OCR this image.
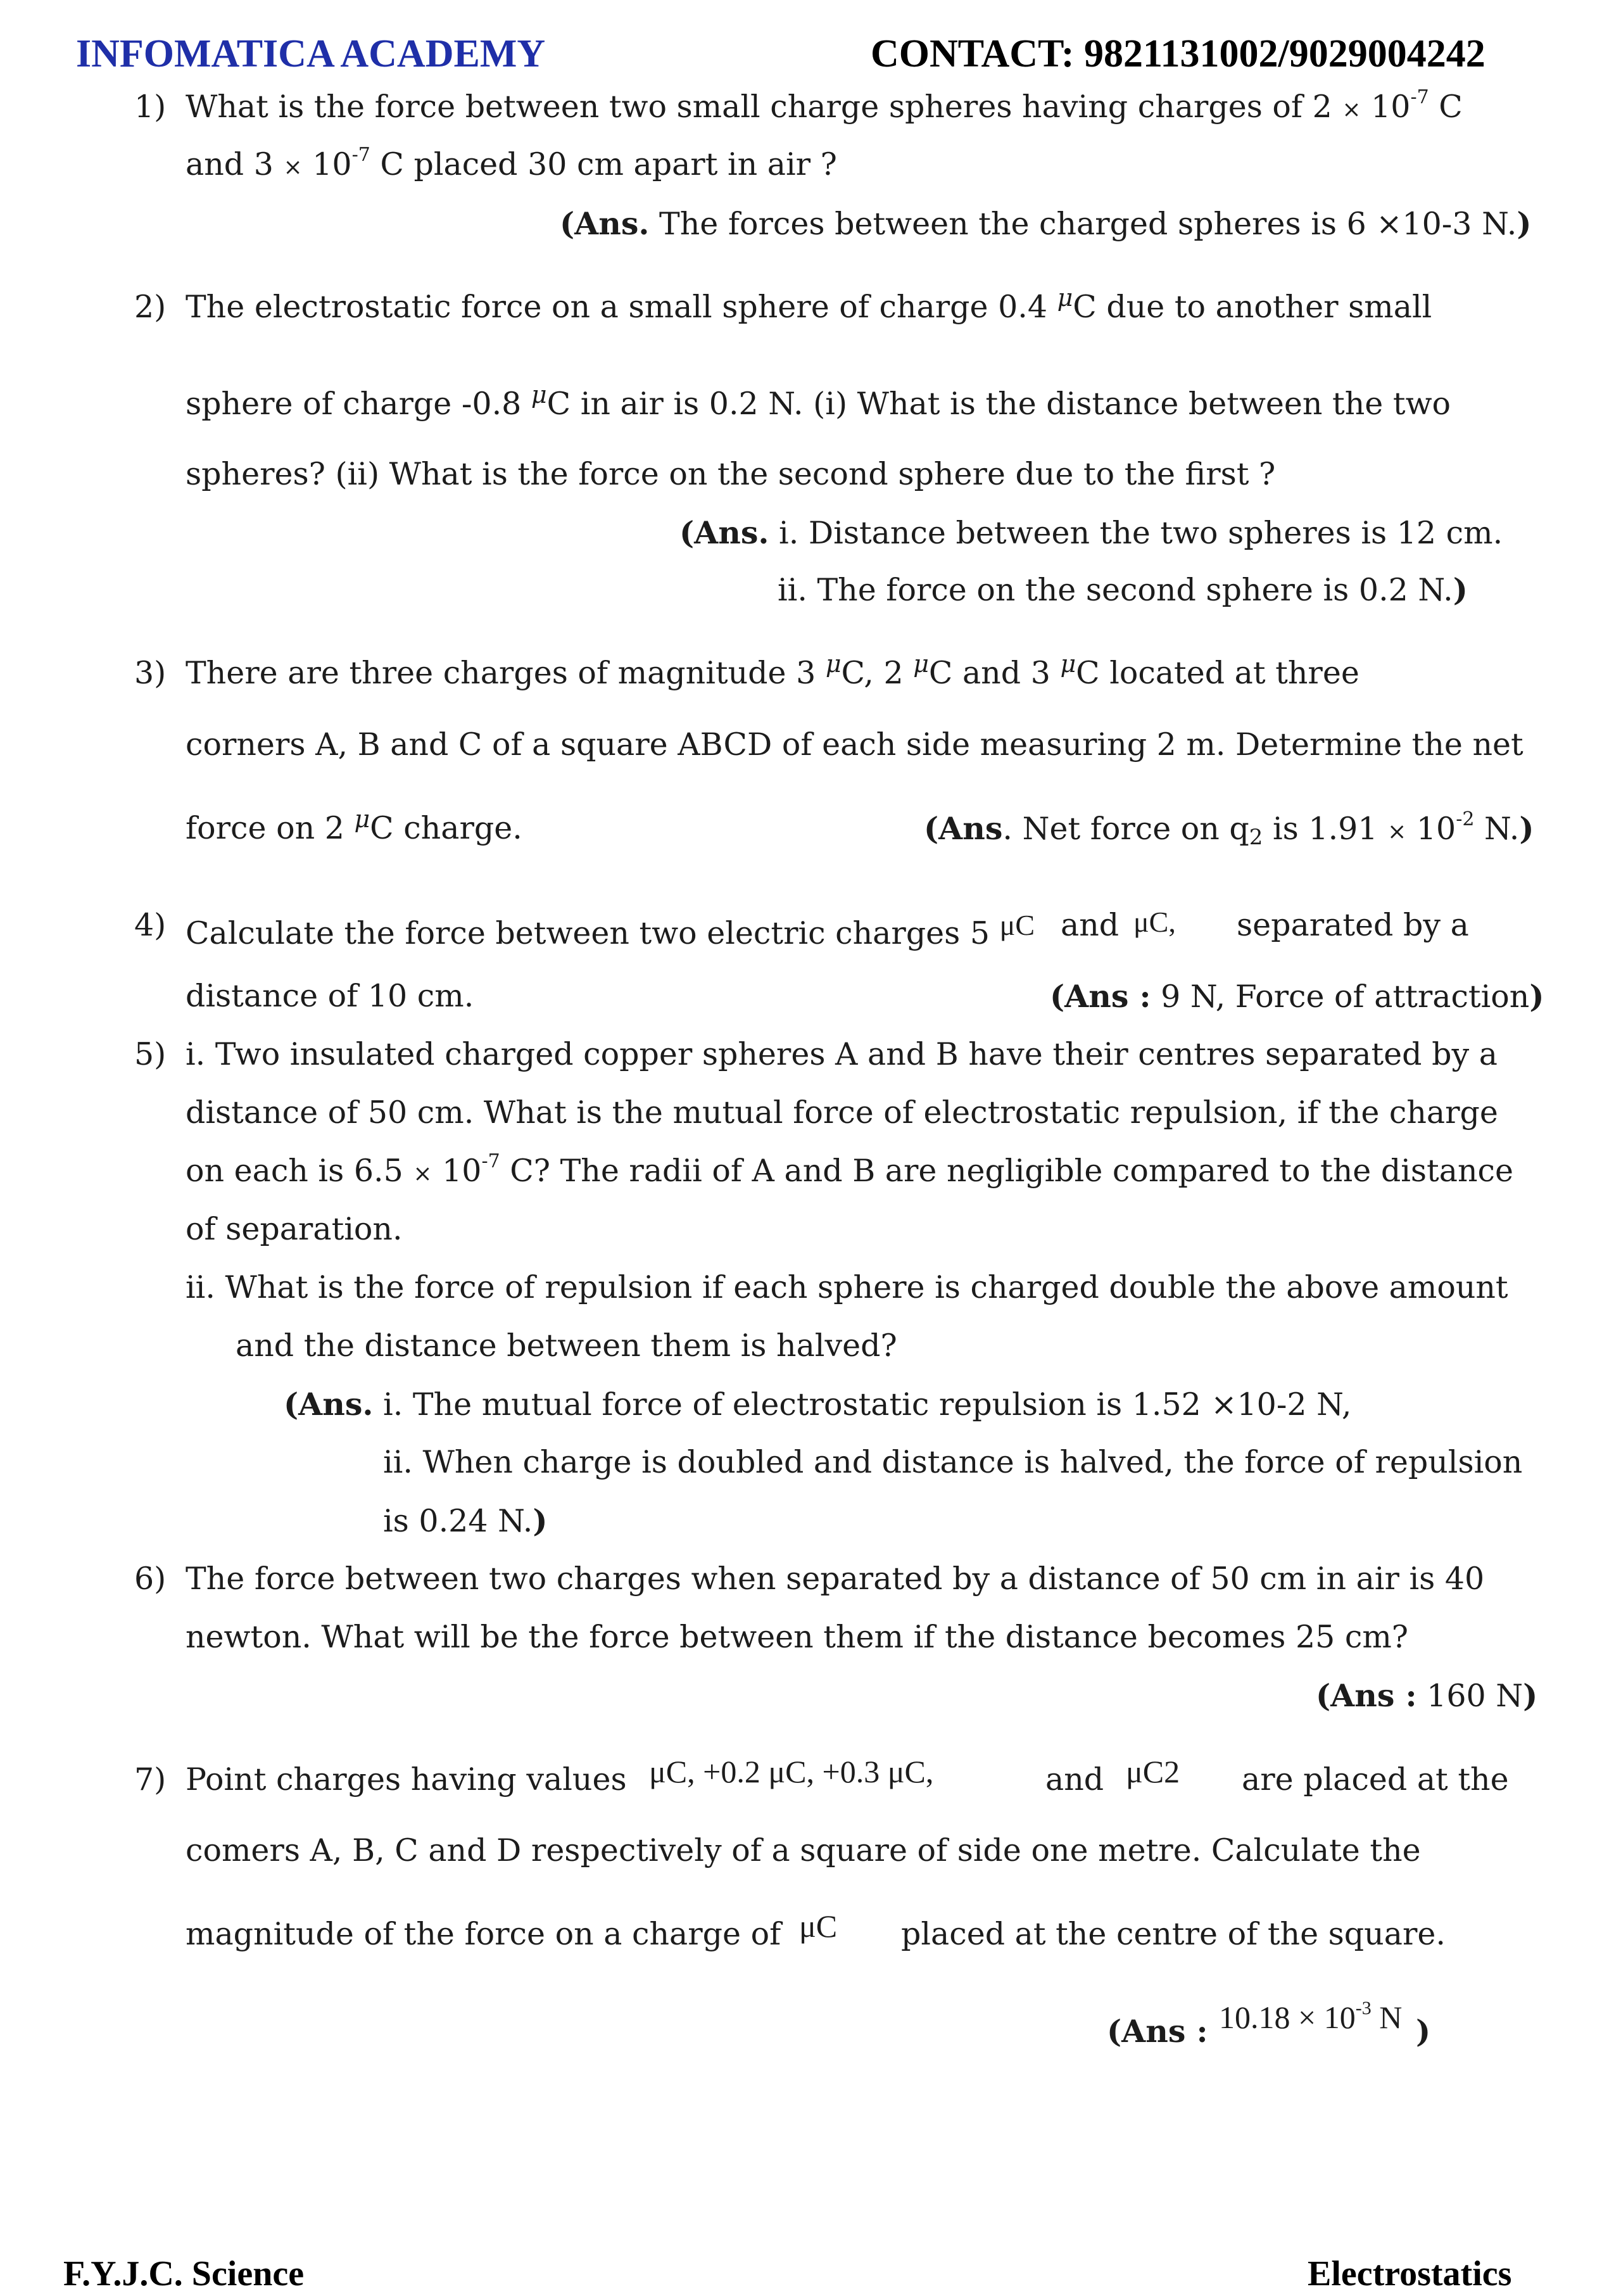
INFOMATICA ACADEMY	CONTACT: 9821131002/9029004242
1) What is the force between two small charge spheres having charges of $2 \times 10^{-7}$ C
and $3 \times 10^{-7}$ C placed 30 cm apart in air ?
(Ans. The forces between the charged spheres is 6 ×10-3 N.)
2) The electrostatic force on a small sphere of charge 0.4 $^\mu$C due to another small
sphere of charge -0.8 $^\mu$C in air is 0.2 N. (i) What is the distance between the two
spheres? (ii) What is the force on the second sphere due to the first ?
(Ans. i. Distance between the two spheres is 12 cm.
ii. The force on the second sphere is 0.2 N.)
3) There are three charges of magnitude 3 $^\mu$C, 2 $^\mu$C and 3 $^\mu$C located at three
corners A, B and C of a square ABCD of each side measuring 2 m. Determine the net
force on 2 $^\mu$C charge.	(Ans. Net force on $q_2$ is $1.91 \times 10^{-2}$ N.)
4) Calculate the force between two electric charges 5 μC and μC, separated by a
distance of 10 cm.	(Ans : 9 N, Force of attraction)
5) i. Two insulated charged copper spheres A and B have their centres separated by a
distance of 50 cm. What is the mutual force of electrostatic repulsion, if the charge
on each is $6.5 \times 10^{-7}$ C? The radii of A and B are negligible compared to the distance
of separation.
ii. What is the force of repulsion if each sphere is charged double the above amount
and the distance between them is halved?
(Ans. i. The mutual force of electrostatic repulsion is 1.52 ×10-2 N,
ii. When charge is doubled and distance is halved, the force of repulsion
is 0.24 N.)
6) The force between two charges when separated by a distance of 50 cm in air is 40
newton. What will be the force between them if the distance becomes 25 cm?
(Ans : 160 N)
7) Point charges having values μC, +0.2 μC, +0.3 μC,	and μC2 are placed at the
comers A, B, C and D respectively of a square of side one metre. Calculate the
magnitude of the force on a charge of μC placed at the centre of the square.
(Ans : $10.18 \times 10^{-3}$ N )
F.Y.J.C. Science	Electrostatics
